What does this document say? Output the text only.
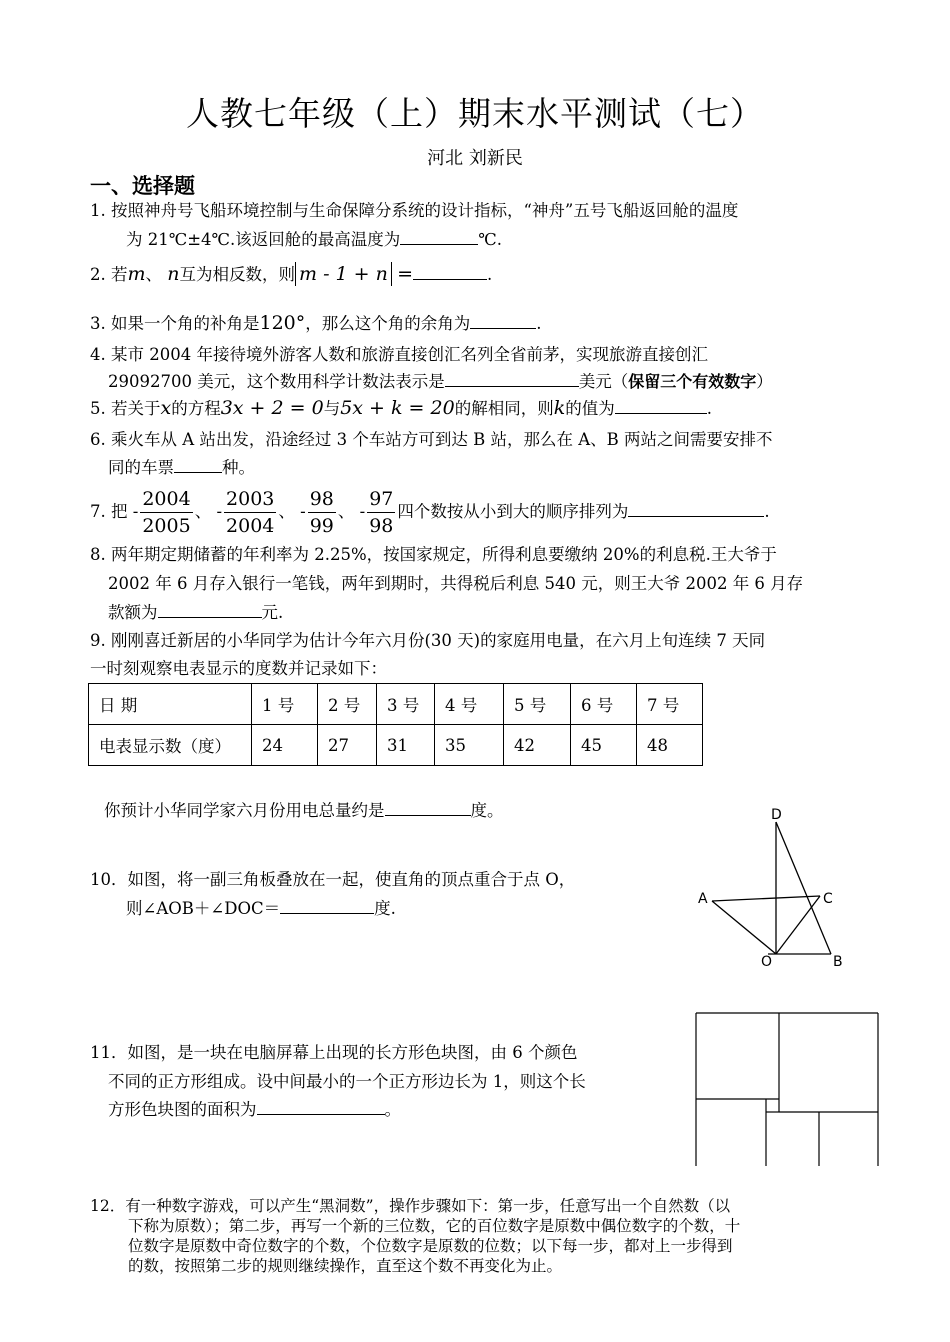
人教七年级（上）期末水平测试（七）
河北 刘新民
一、选择题
1. 按照神舟号飞船环境控制与生命保障分系统的设计指标，“神舟”五号飞船返回舱的温度
为 21℃±4℃.该返回舱的最高温度为	℃.
2. 若m、 n互为相反数，则 m - 1 + n =	.
3. 如果一个角的补角是120°，那么这个角的余角为	.
4. 某市 2004 年接待境外游客人数和旅游直接创汇名列全省前茅，实现旅游直接创汇
29092700 美元，这个数用科学计数法表示是	美元（保留三个有效数字）
5. 若关于x的方程3x + 2 = 0与5x + k = 20的解相同，则k的值为	.
6. 乘火车从 A 站出发，沿途经过 3 个车站方可到达 B 站，那么在 A、B 两站之间需要安排不
同的车票	种。
7. 把 - $\frac{2004}{2005}$ 、 - $\frac{2003}{2004}$ 、 - $\frac{98}{99}$ 、 - $\frac{97}{98}$ 四个数按从小到大的顺序排列为	.
8. 两年期定期储蓄的年利率为 2.25%，按国家规定，所得利息要缴纳 20%的利息税.王大爷于
2002 年 6 月存入银行一笔钱，两年到期时，共得税后利息 540 元，则王大爷 2002 年 6 月存
款额为	元.
9. 刚刚喜迁新居的小华同学为估计今年六月份(30 天)的家庭用电量，在六月上旬连续 7 天同
一时刻观察电表显示的度数并记录如下：
日 期	1 号	2 号	3 号	4 号	5 号	6 号	7 号
电表显示数（度）	24	27	31	35	42	45	48
你预计小华同学家六月份用电总量约是	度。
10．如图，将一副三角板叠放在一起，使直角的顶点重合于点 O，
则∠AOB＋∠DOC＝	度.
D
A	C
O	B
11．如图，是一块在电脑屏幕上出现的长方形色块图，由 6 个颜色
不同的正方形组成。设中间最小的一个正方形边长为 1，则这个长
方形色块图的面积为	。
12．有一种数字游戏，可以产生“黑洞数”，操作步骤如下：第一步，任意写出一个自然数（以
下称为原数）；第二步，再写一个新的三位数，它的百位数字是原数中偶位数字的个数，十
位数字是原数中奇位数字的个数，个位数字是原数的位数；以下每一步，都对上一步得到
的数，按照第二步的规则继续操作，直至这个数不再变化为止。
